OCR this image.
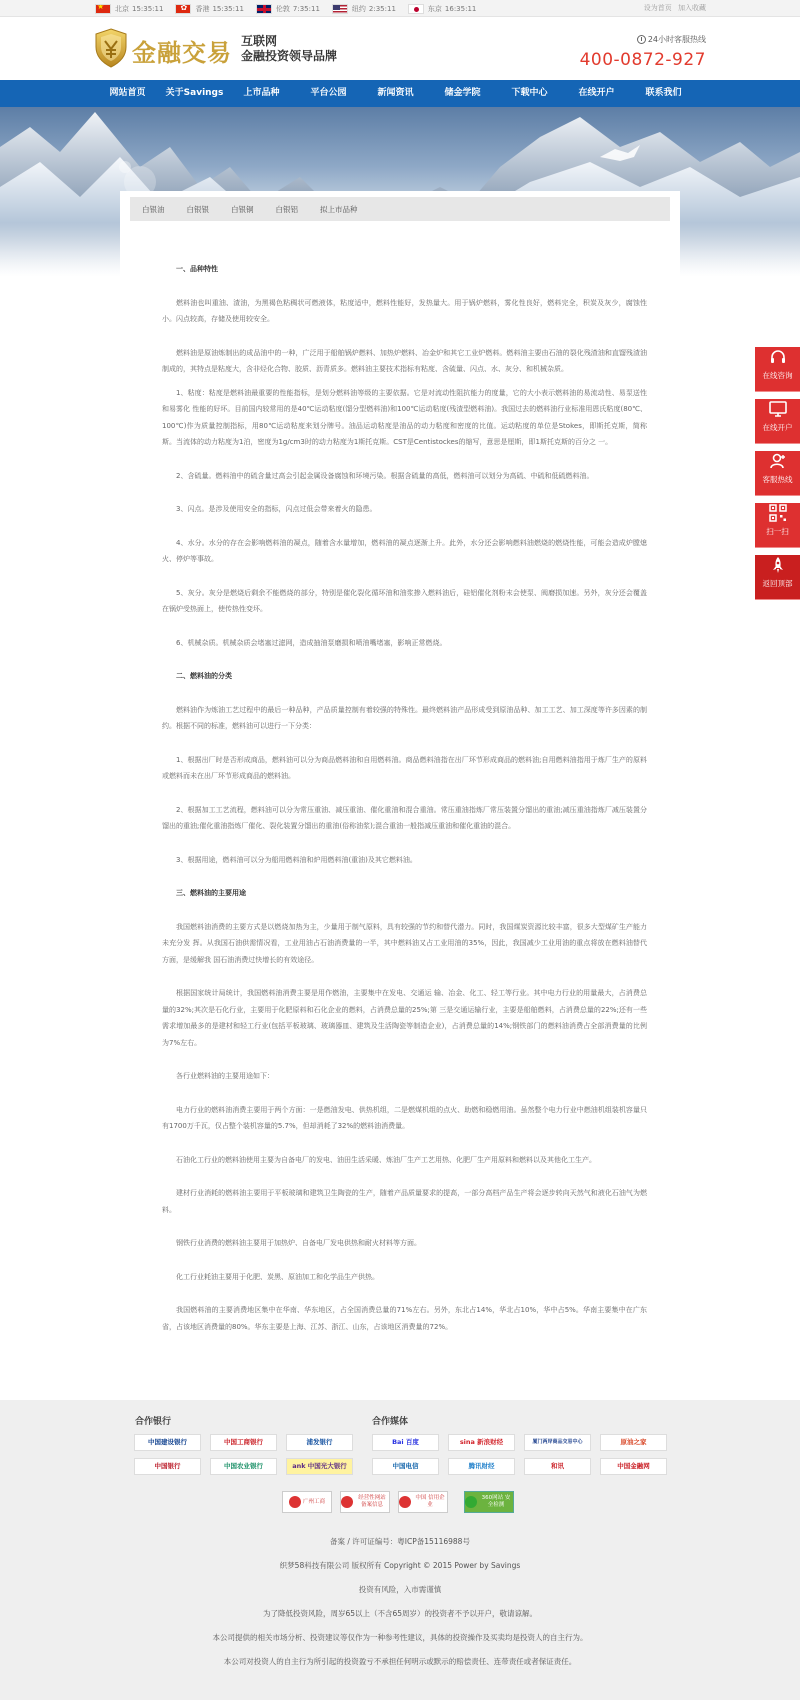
★
北京 15:35:11
✿	香港 15:35:11	伦敦 7:35:11	纽约 2:35:11	东京 16:35:11	设为首页 加入收藏
金融交易 互联网
金融投资领导品牌
24小时客服热线
400-0872-927
网站首页	关于Savings	上市品种	平台公园	新闻资讯	储金学院	下载中心	在线开户	联系我们
白银油	白银银	白银铜	白银铝	拟上市品种

一、品种特性

燃料油也叫重油、渣油，为黑褐色粘稠状可燃液体，粘度适中，燃料性能好，发热量大。用于锅炉燃料，雾化性良好，燃料完全，积炭及灰少，腐蚀性小。闪点较高，存储及使用较安全。

燃料油是原油炼制出的成品油中的一种，广泛用于船舶锅炉燃料、加热炉燃料、冶金炉和其它工业炉燃料。燃料油主要由石油的裂化残渣油和直馏残渣油制成的，其特点是粘度大，含非烃化合物、胶质、沥青质多。燃料油主要技术指标有粘度、含硫量、闪点、水、灰分、和机械杂质。

1、粘度：粘度是燃料油最重要的性能指标，是划分燃料油等级的主要依据。它是对流动性阻抗能力的度量，它的大小表示燃料油的易流动性、易泵送性和易雾化 性能的好坏。目前国内较常用的是40℃运动粘度(馏分型燃料油)和100℃运动粘度(残渣型燃料油)。我国过去的燃料油行业标准用恩氏粘度(80℃、100℃)作为质量控制指标，用80℃运动粘度来划分牌号。油品运动粘度是油品的动力粘度和密度的比值。运动粘度的单位是Stokes，即斯托克斯，简称 斯。当流体的动力粘度为1泊，密度为1g/cm3时的动力粘度为1斯托克斯。CST是Centistockes的缩写，意思是厘斯，即1斯托克斯的百分之 一。

2、含硫量。燃料油中的硫含量过高会引起金属设备腐蚀和环境污染。根据含硫量的高低，燃料油可以划分为高硫、中硫和低硫燃料油。

3、闪点。是涉及使用安全的指标，闪点过低会带来着火的隐患。

4、水分。水分的存在会影响燃料油的凝点，随着含水量增加，燃料油的凝点逐渐上升。此外，水分还会影响燃料油燃烧的燃烧性能，可能会造成炉膛熄火、停炉等事故。

5、灰分。灰分是燃烧后剩余不能燃烧的部分，特别是催化裂化循环油和油浆掺入燃料油后，硅铝催化剂粉末会使泵、阀磨损加速。另外，灰分还会覆盖在锅炉受热面上，使传热性变坏。

6、机械杂质。机械杂质会堵塞过滤网，造成抽油泵磨损和喷油嘴堵塞，影响正常燃烧。

二、燃料油的分类

燃料油作为炼油工艺过程中的最后一种品种，产品质量控制有着较强的特殊性。最终燃料油产品形成受到原油品种、加工工艺、加工深度等许多因素的制约。根据不同的标准，燃料油可以进行一下分类：

1、根据出厂时是否形成商品，燃料油可以分为商品燃料油和自用燃料油。商品燃料油指在出厂环节形成商品的燃料油;自用燃料油指用于炼厂生产的原料或燃料而未在出厂环节形成商品的燃料油。

2、根据加工工艺流程，燃料油可以分为常压重油、减压重油、催化重油和混合重油。常压重油指炼厂常压装置分馏出的重油;减压重油指炼厂减压装置分馏出的重油;催化重油指炼厂催化、裂化装置分馏出的重油(俗称油浆);混合重油一般指减压重油和催化重油的混合。

3、根据用途，燃料油可以分为船用燃料油和炉用燃料油(重油)及其它燃料油。

三、燃料油的主要用途

我国燃料油消费的主要方式是以燃烧加热为主，少量用于制气原料，具有较强的节约和替代潜力。同时，我国煤炭资源比较丰富，很多大型煤矿生产能力未充分发 挥。从我国石油供需情况看，工业用油占石油消费量的一半，其中燃料油又占工业用油的35%，因此，我国减少工业用油的重点将放在燃料油替代方面，是缓解我 国石油消费过快增长的有效途径。

根据国家统计局统计，我国燃料油消费主要是用作燃油，主要集中在发电、交通运 输、冶金、化工、轻工等行业。其中电力行业的用量最大，占消费总量的32%;其次是石化行业，主要用于化肥原料和石化企业的燃料，占消费总量的25%;第 三是交通运输行业，主要是船舶燃料，占消费总量的22%;还有一些需求增加最多的是建材和轻工行业(包括平板玻璃、玻璃器皿、建筑及生活陶瓷等制造企业)，占消费总量的14%;钢铁部门的燃料油消费占全部消费量的比例为7%左右。

各行业燃料油的主要用途如下：

电力行业的燃料油消费主要用于两个方面：一是燃油发电、供热机组，二是燃煤机组的点火、助燃和稳燃用油。虽然整个电力行业中燃油机组装机容量只有1700万千瓦，仅占整个装机容量的5.7%，但却消耗了32%的燃料油消费量。

石油化工行业的燃料油使用主要为自备电厂的发电、油田生活采暖、炼油厂生产工艺用热、化肥厂生产用原料和燃料以及其他化工生产。

建材行业消耗的燃料油主要用于平板玻璃和建筑卫生陶瓷的生产，随着产品质量要求的提高，一部分高档产品生产将会逐步转向天然气和液化石油气为燃料。

钢铁行业消费的燃料油主要用于加热炉、自备电厂发电供热和耐火材料等方面。

化工行业耗油主要用于化肥、炭黑、原油加工和化学品生产供热。

我国燃料油的主要消费地区集中在华南、华东地区，占全国消费总量的71%左右。另外，东北占14%，华北占10%，华中占5%。华南主要集中在广东省，占该地区消费量的80%。华东主要是上海、江苏、浙江、山东，占该地区消费量的72%。

在线咨询
在线开户
客服热线
扫一扫
返回顶部
合作银行	合作媒体
中国建设银行	中国工商银行	浦发银行
中国银行	中国农业银行	ank 中国光大银行
Bai 百度	sina 新浪财经	厦门两岸商品交易中心	原油之家
中国电信	腾讯财经	和讯	中国金融网
广州工商
经营性网站 备案信息
中国 信用企业
360网站 安全检测
备案 / 许可证编号：粤ICP备15116988号
织梦58科技有限公司 版权所有 Copyright © 2015 Power by Savings
投资有风险，入市需谨慎
为了降低投资风险，周岁65以上（不含65周岁）的投资者不予以开户，敬请谅解。
本公司提供的相关市场分析、投资建议等仅作为一种参考性建议，具体的投资操作及买卖均是投资人的自主行为。
本公司对投资人的自主行为所引起的投资盈亏不承担任何明示或默示的赔偿责任、连带责任或者保证责任。
